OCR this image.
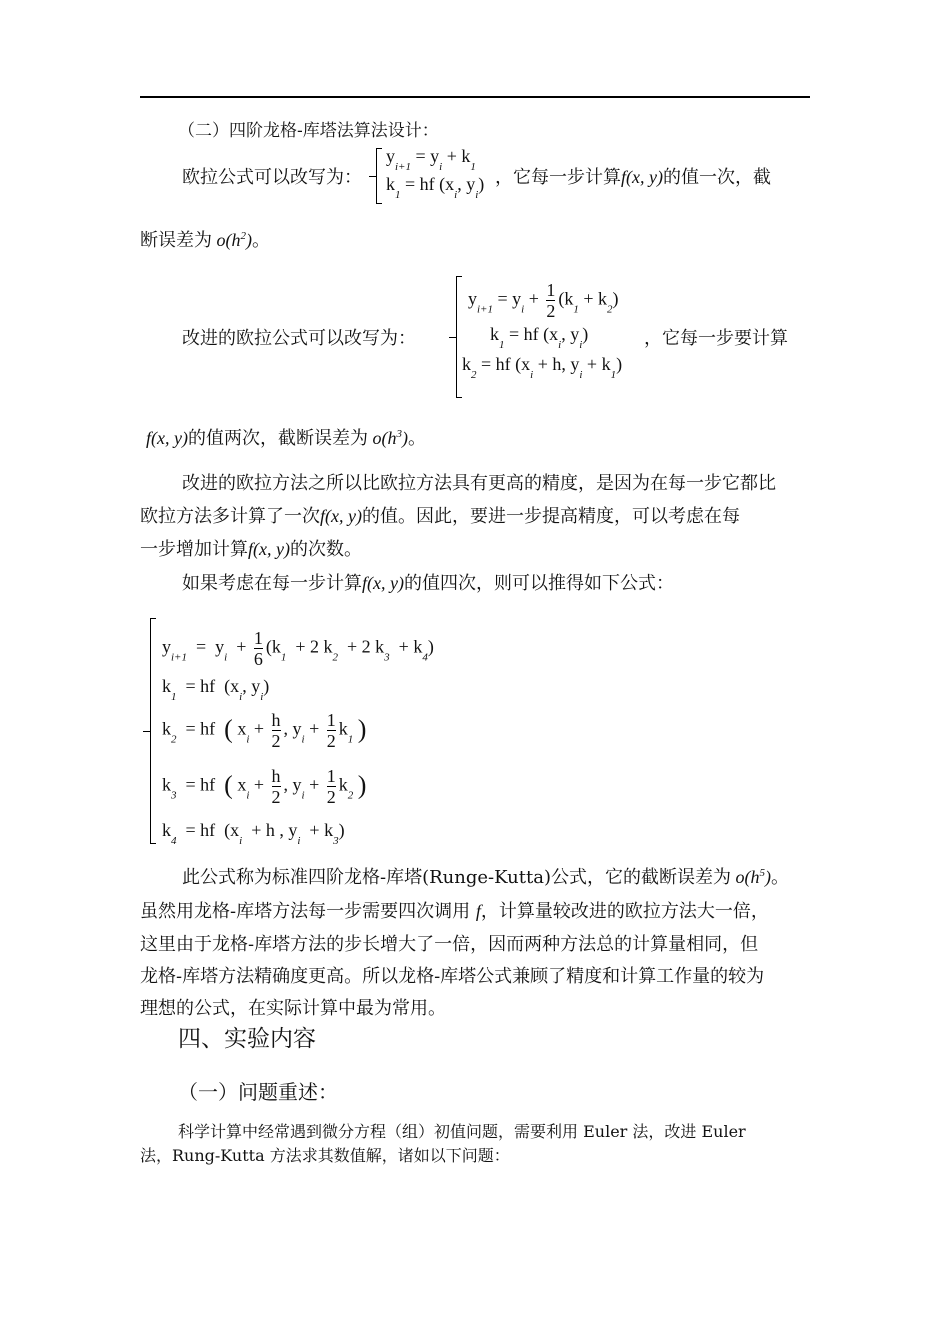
（二）四阶龙格-库塔法算法设计：
欧拉公式可以改写为：
$y_{i+1} = y_i + k_1$
$k_1$ = hf ($x_i$, $y_i$) ，它每一步计算f(x, y)的值一次，截
断误差为 $o(h^2)$。
改进的欧拉公式可以改写为：
$y_{i+1} = y_i + \frac{1}{2} (k_1 + k_2)$
$k_1$ = hf ($x_i$, $y_i$)
$k_2$ = hf ($x_i + h$, $y_i + k_1$)
，它每一步要计算
f(x, y)的值两次，截断误差为 $o(h^3)$。
改进的欧拉方法之所以比欧拉方法具有更高的精度，是因为在每一步它都比
欧拉方法多计算了一次f(x, y)的值。因此，要进一步提高精度，可以考虑在每
一步增加计算f(x, y)的次数。
如果考虑在每一步计算f(x, y)的值四次，则可以推得如下公式：
$y_{i+1} = y_i + \frac{1}{6} (k_1 + 2$ $k_2 + 2$ $k_3 + k_4$)
$k_1$  = hf  ($x_i$, $y_i$)
$k_2$  = hf  ( $x_i + \frac{h}{2}$ , $y_i + \frac{1}{2} k_1$ )
$k_3$  = hf  ( $x_i + \frac{h}{2}$ , $y_i + \frac{1}{2} k_2$ )
$k_4$  = hf  ($x_i + h$ , $y_i + k_3$)
此公式称为标准四阶龙格-库塔(Runge-Kutta)公式，它的截断误差为 $o(h^5)$。
虽然用龙格-库塔方法每一步需要四次调用 f，计算量较改进的欧拉方法大一倍，
这里由于龙格-库塔方法的步长增大了一倍，因而两种方法总的计算量相同，但
龙格-库塔方法精确度更高。所以龙格-库塔公式兼顾了精度和计算工作量的较为
理想的公式，在实际计算中最为常用。
四、实验内容
（一）问题重述：
科学计算中经常遇到微分方程（组）初值问题，需要利用 Euler 法，改进 Euler
法，Rung-Kutta 方法求其数值解，诸如以下问题：
